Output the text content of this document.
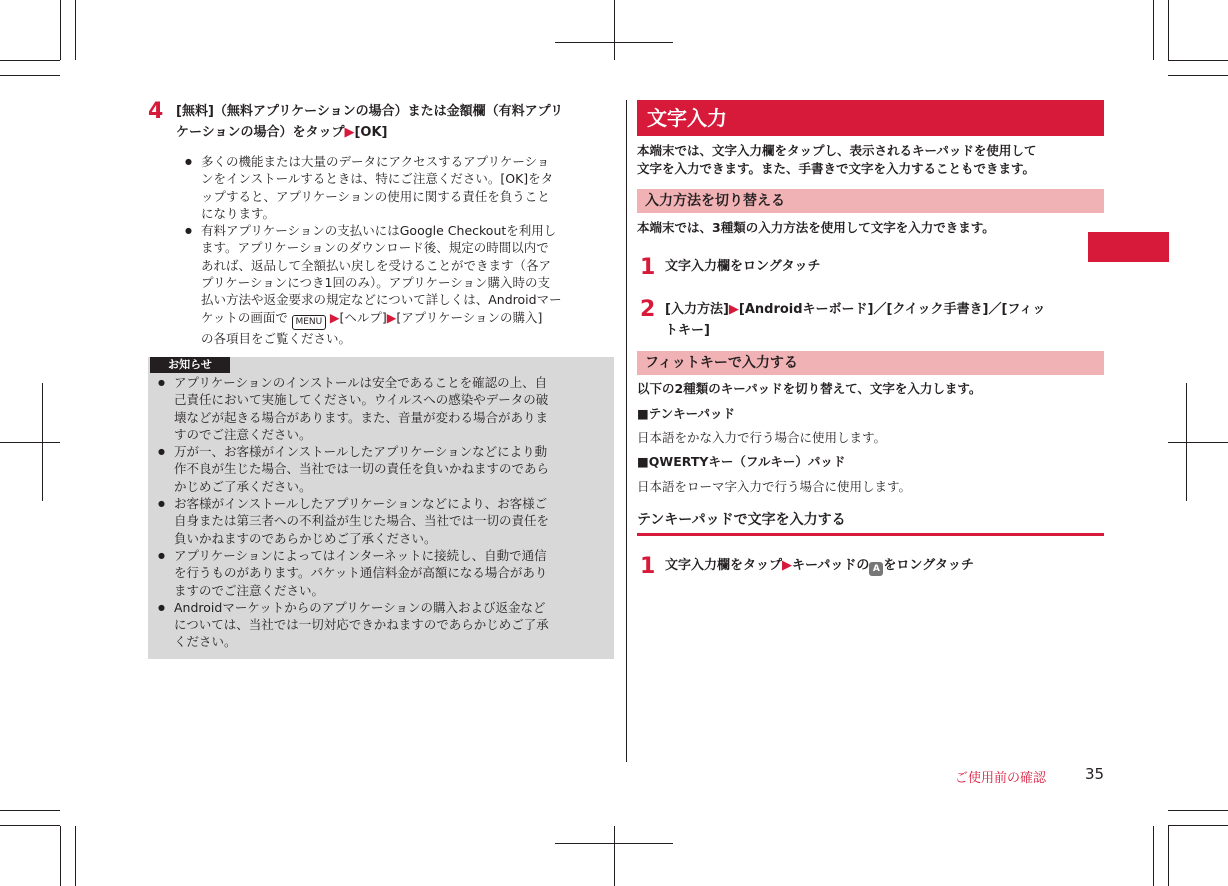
4 [無料]（無料アプリケーションの場合）または金額欄（有料アプリ
ケーションの場合）をタップ▶[OK]
● 多くの機能または大量のデータにアクセスするアプリケーショ
ンをインストールするときは、特にご注意ください。[OK]をタ
ップすると、アプリケーションの使用に関する責任を負うこと
になります。
● 有料アプリケーションの支払いにはGoogle Checkoutを利用し
ます。アプリケーションのダウンロード後、規定の時間以内で
あれば、返品して全額払い戻しを受けることができます（各ア
プリケーションにつき1回のみ）。アプリケーション購入時の支
払い方法や返金要求の規定などについて詳しくは、Androidマー
ケットの画面で MENU ▶[ヘルプ]▶[アプリケーションの購入]
の各項目をご覧ください。
お知らせ
● アプリケーションのインストールは安全であることを確認の上、自
己責任において実施してください。ウイルスへの感染やデータの破
壊などが起きる場合があります。また、音量が変わる場合がありま
すのでご注意ください。
● 万が一、お客様がインストールしたアプリケーションなどにより動
作不良が生じた場合、当社では一切の責任を負いかねますのであら
かじめご了承ください。
● お客様がインストールしたアプリケーションなどにより、お客様ご
自身または第三者への不利益が生じた場合、当社では一切の責任を
負いかねますのであらかじめご了承ください。
● アプリケーションによってはインターネットに接続し、自動で通信
を行うものがあります。パケット通信料金が高額になる場合があり
ますのでご注意ください。
● Androidマーケットからのアプリケーションの購入および返金など
については、当社では一切対応できかねますのであらかじめご了承
ください。
文字入力
本端末では、文字入力欄をタップし、表示されるキーパッドを使用して
文字を入力できます。また、手書きで文字を入力することもできます。
入力方法を切り替える
本端末では、3種類の入力方法を使用して文字を入力できます。
1 文字入力欄をロングタッチ
2 [入力方法]▶[Androidキーボード]／[クイック手書き]／[フィッ
トキー]
フィットキーで入力する
以下の2種類のキーパッドを切り替えて、文字を入力します。
■テンキーパッド
日本語をかな入力で行う場合に使用します。
■QWERTYキー（フルキー）パッド
日本語をローマ字入力で行う場合に使用します。
テンキーパッドで文字を入力する
1 文字入力欄をタップ▶キーパッドの A をロングタッチ
ご使用前の確認	35
